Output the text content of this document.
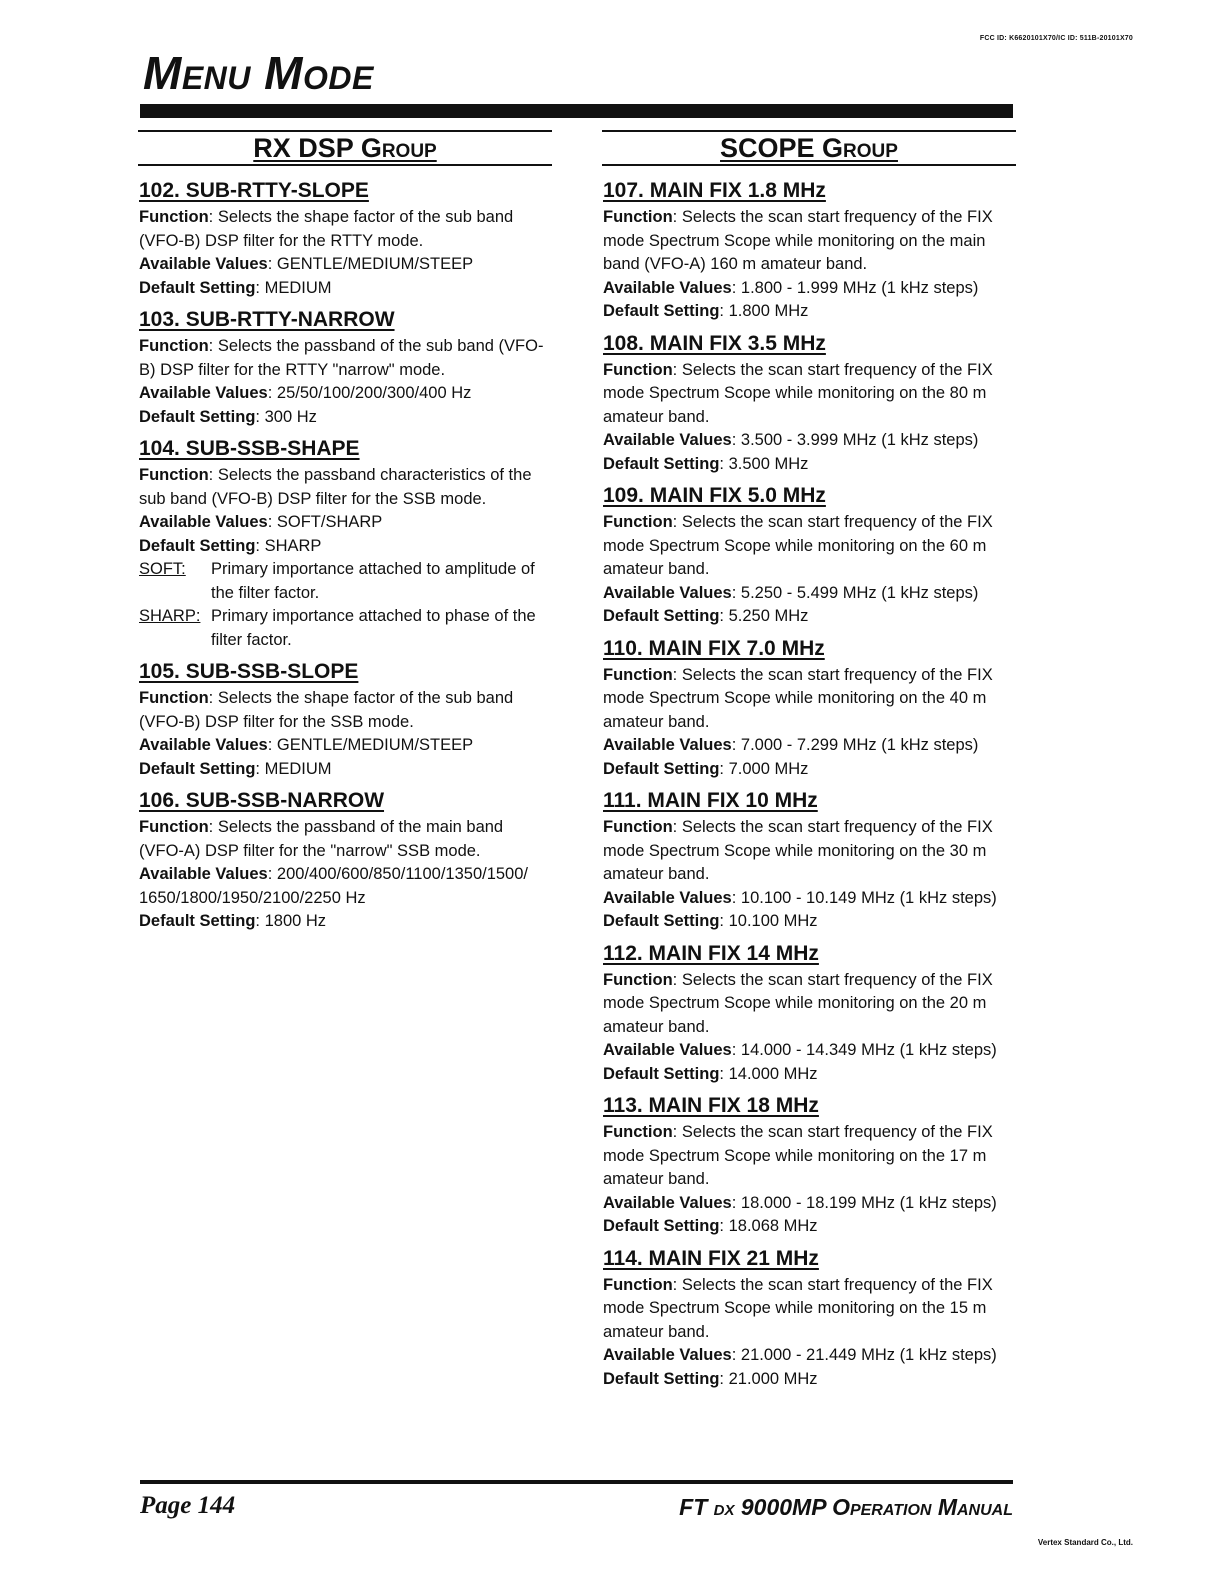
FCC ID: K6620101X70/IC ID: 511B-20101X70
Menu Mode
RX DSP Group
102. SUB-RTTY-SLOPE

Function: Selects the shape factor of the sub band (VFO-B) DSP filter for the RTTY mode.

Available Values: GENTLE/MEDIUM/STEEP

Default Setting: MEDIUM

103. SUB-RTTY-NARROW

Function: Selects the passband of the sub band (VFO-B) DSP filter for the RTTY "narrow" mode.

Available Values: 25/50/100/200/300/400 Hz

Default Setting: 300 Hz

104. SUB-SSB-SHAPE

Function: Selects the passband characteristics of the sub band (VFO-B) DSP filter for the SSB mode.

Available Values: SOFT/SHARP

Default Setting: SHARP

SOFT:	Primary importance attached to amplitude of the filter factor.
SHARP: Primary importance attached to phase of the filter factor.
105. SUB-SSB-SLOPE

Function: Selects the shape factor of the sub band (VFO-B) DSP filter for the SSB mode.

Available Values: GENTLE/MEDIUM/STEEP

Default Setting: MEDIUM

106. SUB-SSB-NARROW

Function: Selects the passband of the main band (VFO-A) DSP filter for the "narrow" SSB mode.

Available Values: 200/400/600/850/1100/1350/1500/ 1650/1800/1950/2100/2250 Hz

Default Setting: 1800 Hz

SCOPE Group
107. MAIN FIX 1.8 MHz

Function: Selects the scan start frequency of the FIX mode Spectrum Scope while monitoring on the main band (VFO-A) 160 m amateur band.

Available Values: 1.800 - 1.999 MHz (1 kHz steps)

Default Setting: 1.800 MHz

108. MAIN FIX 3.5 MHz

Function: Selects the scan start frequency of the FIX mode Spectrum Scope while monitoring on the 80 m amateur band.

Available Values: 3.500 - 3.999 MHz (1 kHz steps)

Default Setting: 3.500 MHz

109. MAIN FIX 5.0 MHz

Function: Selects the scan start frequency of the FIX mode Spectrum Scope while monitoring on the 60 m amateur band.

Available Values: 5.250 - 5.499 MHz (1 kHz steps)

Default Setting: 5.250 MHz

110. MAIN FIX 7.0 MHz

Function: Selects the scan start frequency of the FIX mode Spectrum Scope while monitoring on the 40 m amateur band.

Available Values: 7.000 - 7.299 MHz (1 kHz steps)

Default Setting: 7.000 MHz

111. MAIN FIX 10 MHz

Function: Selects the scan start frequency of the FIX mode Spectrum Scope while monitoring on the 30 m amateur band.

Available Values: 10.100 - 10.149 MHz (1 kHz steps)

Default Setting: 10.100 MHz

112. MAIN FIX 14 MHz

Function: Selects the scan start frequency of the FIX mode Spectrum Scope while monitoring on the 20 m amateur band.

Available Values: 14.000 - 14.349 MHz (1 kHz steps)

Default Setting: 14.000 MHz

113. MAIN FIX 18 MHz

Function: Selects the scan start frequency of the FIX mode Spectrum Scope while monitoring on the 17 m amateur band.

Available Values: 18.000 - 18.199 MHz (1 kHz steps)

Default Setting: 18.068 MHz

114. MAIN FIX 21 MHz

Function: Selects the scan start frequency of the FIX mode Spectrum Scope while monitoring on the 15 m amateur band.

Available Values: 21.000 - 21.449 MHz (1 kHz steps)

Default Setting: 21.000 MHz

Page 144	FT DX 9000MP Operation Manual
Vertex Standard Co., Ltd.
